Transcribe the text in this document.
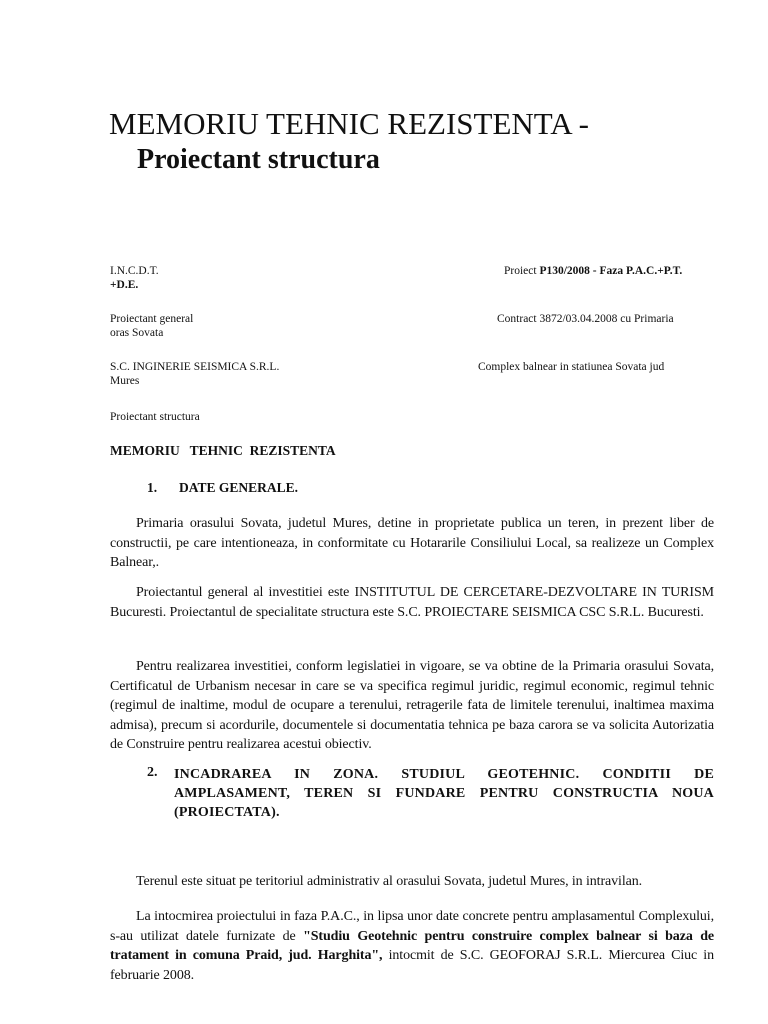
MEMORIU TEHNIC REZISTENTA -
Proiectant structura
I.N.C.D.T.
+D.E.
Proiect P130/2008 - Faza P.A.C.+P.T.
Proiectant general	Contract 3872/03.04.2008 cu Primaria
oras Sovata
S.C. INGINERIE SEISMICA S.R.L.	Complex balnear in statiunea Sovata jud
Mures
Proiectant structura
MEMORIU   TEHNIC  REZISTENTA
1. DATE GENERALE.
Primaria orasului Sovata, judetul Mures, detine in proprietate publica un teren, in prezent liber de constructii, pe care intentioneaza, in conformitate cu Hotararile Consiliului Local, sa realizeze un Complex Balnear,.
Proiectantul general al investitiei este INSTITUTUL DE CERCETARE-DEZVOLTARE IN TURISM Bucuresti. Proiectantul de specialitate structura este S.C. PROIECTARE SEISMICA CSC S.R.L. Bucuresti.
Pentru realizarea investitiei, conform legislatiei in vigoare, se va obtine de la Primaria orasului Sovata, Certificatul de Urbanism necesar in care se va specifica regimul juridic, regimul economic, regimul tehnic (regimul de inaltime, modul de ocupare a terenului, retragerile fata de limitele terenului, inaltimea maxima admisa), precum si acordurile, documentele si documentatia tehnica pe baza carora se va solicita Autorizatia de Construire pentru realizarea acestui obiectiv.
2. INCADRAREA IN ZONA. STUDIUL GEOTEHNIC. CONDITII DE AMPLASAMENT, TEREN SI FUNDARE PENTRU CONSTRUCTIA NOUA (PROIECTATA).
Terenul este situat pe teritoriul administrativ al orasului Sovata, judetul Mures, in intravilan.
La intocmirea proiectului in faza P.A.C., in lipsa unor date concrete pentru amplasamentul Complexului, s-au utilizat datele furnizate de "Studiu Geotehnic pentru construire complex balnear si baza de tratament in comuna Praid, jud. Harghita", intocmit de S.C. GEOFORAJ S.R.L. Miercurea Ciuc in februarie 2008.
